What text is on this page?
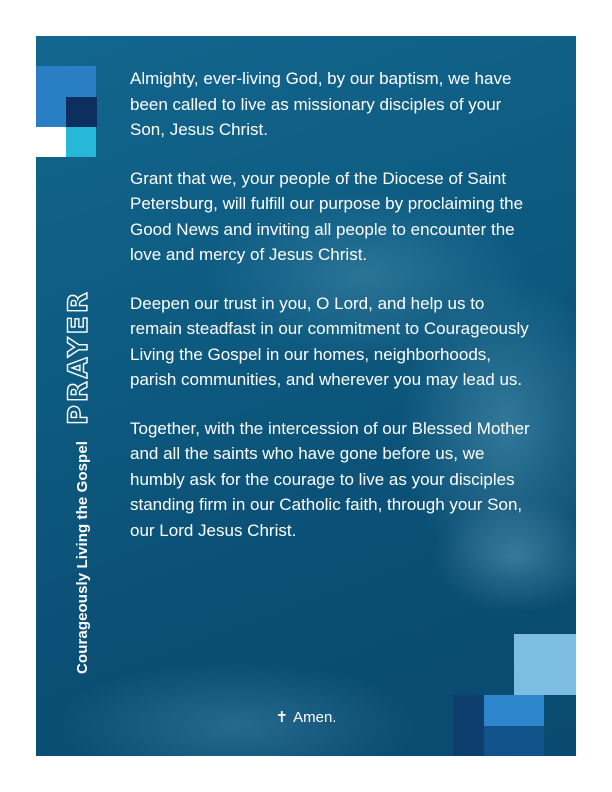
Courageously Living the Gospel
PRAYER

Almighty, ever-living God, by our baptism, we have been called to live as missionary disciples of your Son, Jesus Christ.

Grant that we, your people of the Diocese of Saint Petersburg, will fulfill our purpose by proclaiming the Good News and inviting all people to encounter the love and mercy of Jesus Christ.

Deepen our trust in you, O Lord, and help us to remain steadfast in our commitment to Courageously Living the Gospel in our homes, neighborhoods, parish communities, and wherever you may lead us.

Together, with the intercession of our Blessed Mother and all the saints who have gone before us, we humbly ask for the courage to live as your disciples standing firm in our Catholic faith, through your Son, our Lord Jesus Christ.

✝ Amen.
